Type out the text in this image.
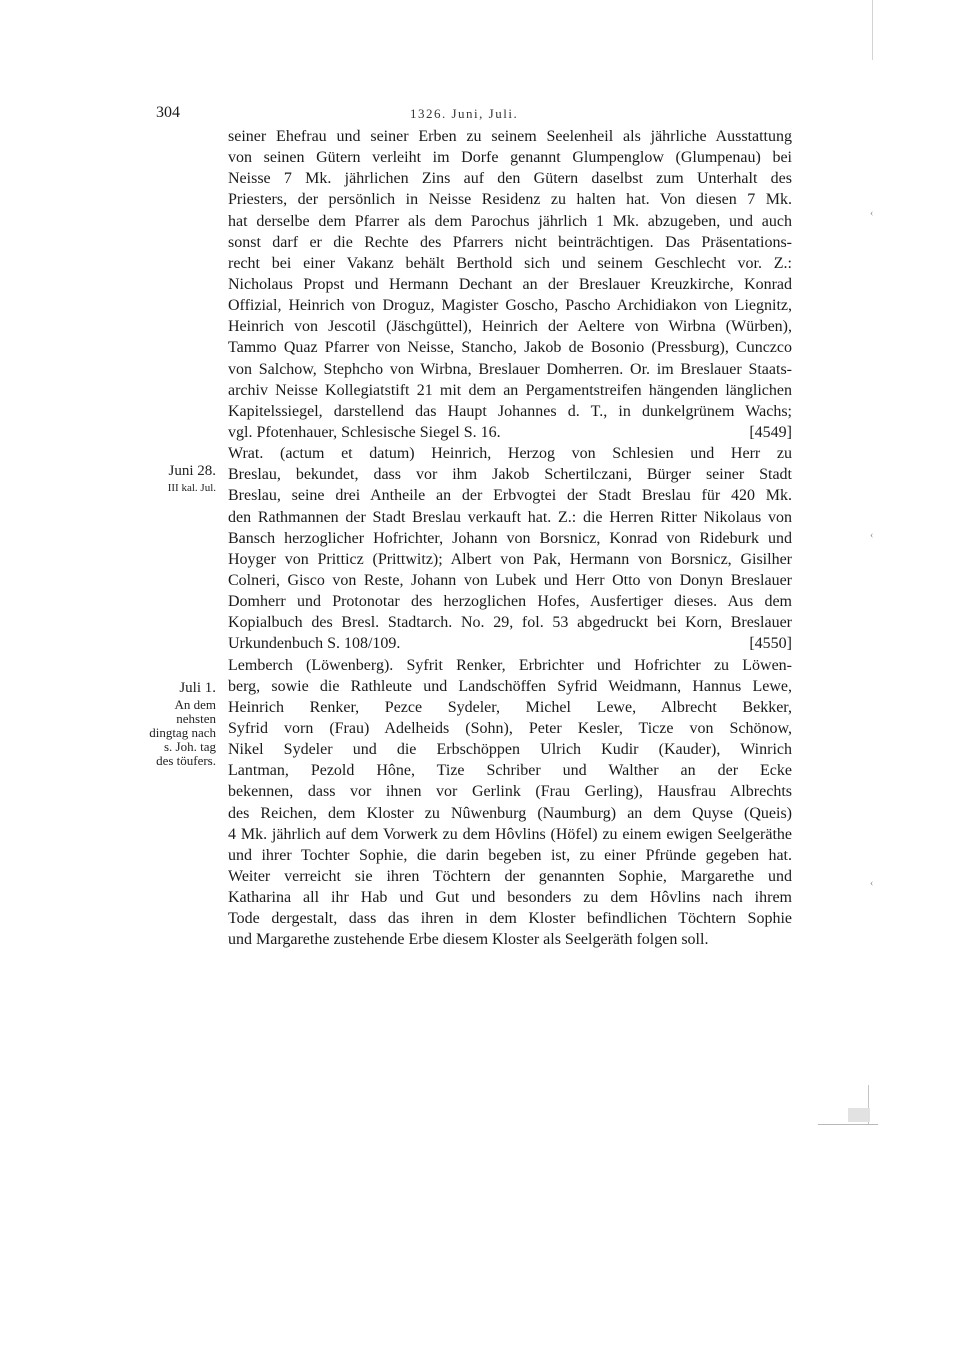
304	1326. Juni, Juli.
seiner Ehefrau und seiner Erben zu seinem Seelenheil als jährliche Ausstattung
von seinen Gütern verleiht im Dorfe genannt Glumpenglow (Glumpenau) bei
Neisse 7 Mk. jährlichen Zins auf den Gütern daselbst zum Unterhalt des
Priesters, der persönlich in Neisse Residenz zu halten hat. Von diesen 7 Mk.
hat derselbe dem Pfarrer als dem Parochus jährlich 1 Mk. abzugeben, und auch
sonst darf er die Rechte des Pfarrers nicht beinträchtigen. Das Präsentations-
recht bei einer Vakanz behält Berthold sich und seinem Geschlecht vor. Z.:
Nicholaus Propst und Hermann Dechant an der Breslauer Kreuzkirche, Konrad
Offizial, Heinrich von Droguz, Magister Goscho, Pascho Archidiakon von Liegnitz,
Heinrich von Jescotil (Jäschgüttel), Heinrich der Aeltere von Wirbna (Würben),
Tammo Quaz Pfarrer von Neisse, Stancho, Jakob de Bosonio (Pressburg), Cunczco
von Salchow, Stephcho von Wirbna, Breslauer Domherren. Or. im Breslauer Staats-
archiv Neisse Kollegiatstift 21 mit dem an Pergamentstreifen hängenden länglichen
Kapitelssiegel, darstellend das Haupt Johannes d. T., in dunkelgrünem Wachs;
vgl. Pfotenhauer, Schlesische Siegel S. 16.	[4549]
Wrat. (actum et datum) Heinrich, Herzog von Schlesien und Herr zu
Breslau, bekundet, dass vor ihm Jakob Schertilczani, Bürger seiner Stadt
Breslau, seine drei Antheile an der Erbvogtei der Stadt Breslau für 420 Mk.
den Rathmannen der Stadt Breslau verkauft hat. Z.: die Herren Ritter Nikolaus von
Bansch herzoglicher Hofrichter, Johann von Borsnicz, Konrad von Rideburk und
Hoyger von Pritticz (Prittwitz); Albert von Pak, Hermann von Borsnicz, Gisilher
Colneri, Gisco von Reste, Johann von Lubek und Herr Otto von Donyn Breslauer
Domherr und Protonotar des herzoglichen Hofes, Ausfertiger dieses. Aus dem
Kopialbuch des Bresl. Stadtarch. No. 29, fol. 53 abgedruckt bei Korn, Breslauer
Urkundenbuch S. 108/109.	[4550]
Lemberch (Löwenberg). Syfrit Renker, Erbrichter und Hofrichter zu Löwen-
berg, sowie die Rathleute und Landschöffen Syfrid Weidmann, Hannus Lewe,
Heinrich Renker, Pezce Sydeler, Michel Lewe, Albrecht Bekker,
Syfrid vorn (Frau) Adelheids (Sohn), Peter Kesler, Ticze von Schönow,
Nikel Sydeler und die Erbschöppen Ulrich Kudir (Kauder), Winrich
Lantman, Pezold Hône, Tize Schriber und Walther an der Ecke
bekennen, dass vor ihnen vor Gerlink (Frau Gerling), Hausfrau Albrechts
des Reichen, dem Kloster zu Nûwenburg (Naumburg) an dem Quyse (Queis)
4 Mk. jährlich auf dem Vorwerk zu dem Hôvlins (Höfel) zu einem ewigen Seelgeräthe
und ihrer Tochter Sophie, die darin begeben ist, zu einer Pfründe gegeben hat.
Weiter verreicht sie ihren Töchtern der genannten Sophie, Margarethe und
Katharina all ihr Hab und Gut und besonders zu dem Hôvlins nach ihrem
Tode dergestalt, dass das ihren in dem Kloster befindlichen Töchtern Sophie
und Margarethe zustehende Erbe diesem Kloster als Seelgeräth folgen soll.
Juni 28.
III kal. Jul.
Juli 1.
An dem
nehsten
dingtag nach
s. Joh. tag
des töufers.
‹
‹
‹
